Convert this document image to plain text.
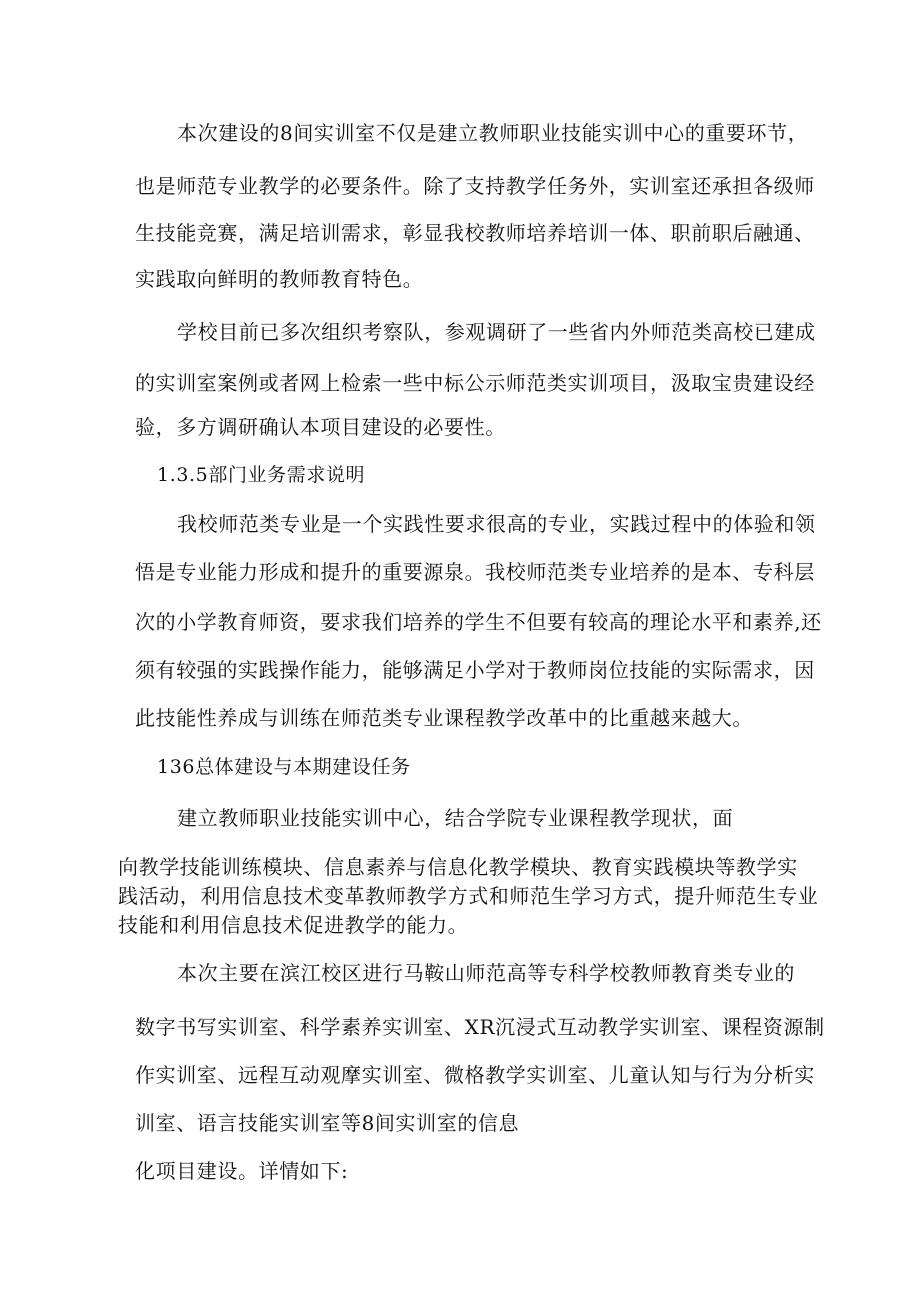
本次建设的8间实训室不仅是建立教师职业技能实训中心的重要环节，
也是师范专业教学的必要条件。除了支持教学任务外，实训室还承担各级师
生技能竞赛，满足培训需求，彰显我校教师培养培训一体、职前职后融通、
实践取向鲜明的教师教育特色。
学校目前已多次组织考察队，参观调研了一些省内外师范类高校已建成
的实训室案例或者网上检索一些中标公示师范类实训项目，汲取宝贵建设经
验，多方调研确认本项目建设的必要性。
1.3.5部门业务需求说明
我校师范类专业是一个实践性要求很高的专业，实践过程中的体验和领
悟是专业能力形成和提升的重要源泉。我校师范类专业培养的是本、专科层
次的小学教育师资，要求我们培养的学生不但要有较高的理论水平和素养,还
须有较强的实践操作能力，能够满足小学对于教师岗位技能的实际需求，因
此技能性养成与训练在师范类专业课程教学改革中的比重越来越大。
136总体建设与本期建设任务
建立教师职业技能实训中心，结合学院专业课程教学现状，面
向教学技能训练模块、信息素养与信息化教学模块、教育实践模块等教学实
践活动，利用信息技术变革教师教学方式和师范生学习方式，提升师范生专业
技能和利用信息技术促进教学的能力。
本次主要在滨江校区进行马鞍山师范高等专科学校教师教育类专业的
数字书写实训室、科学素养实训室、XR沉浸式互动教学实训室、课程资源制
作实训室、远程互动观摩实训室、微格教学实训室、儿童认知与行为分析实
训室、语言技能实训室等8间实训室的信息
化项目建设。详情如下:
